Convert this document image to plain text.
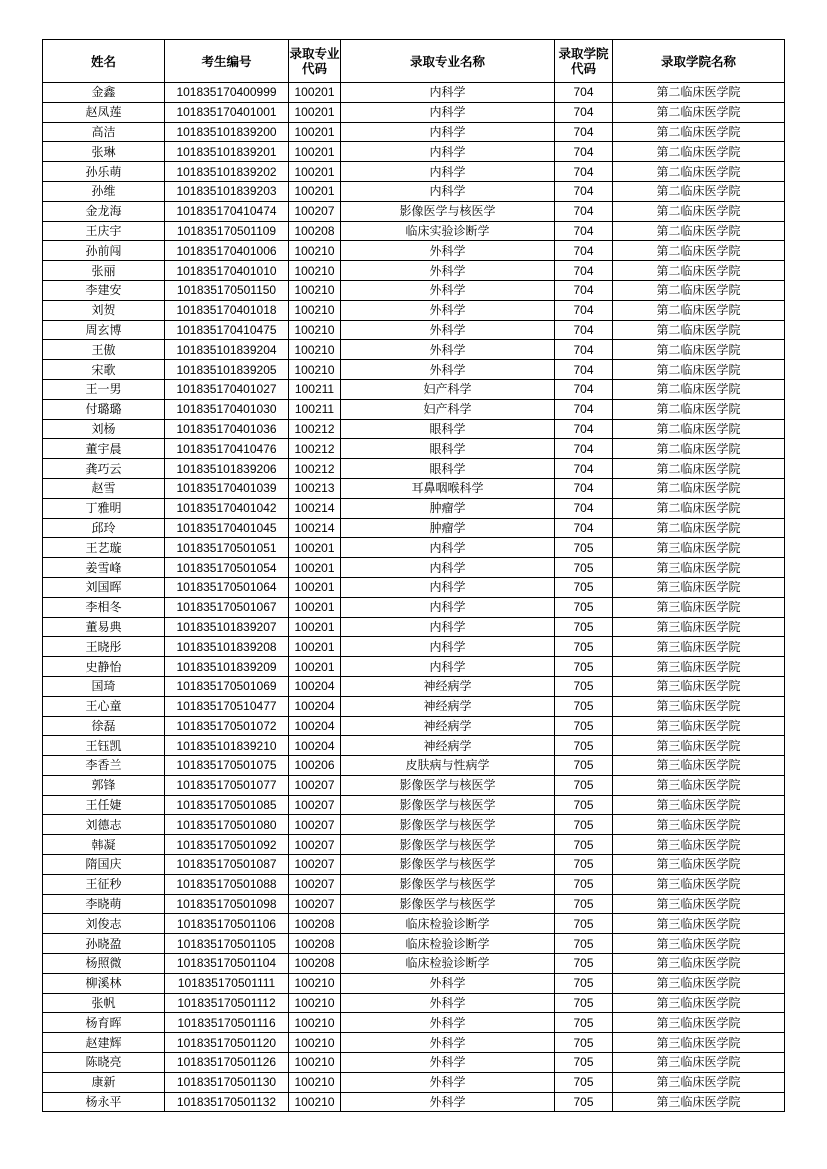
姓名	考生编号	录取专业代码	录取专业名称	录取学院代码	录取学院名称
金鑫	101835170400999	100201	内科学	704	第二临床医学院
赵凤莲	101835170401001	100201	内科学	704	第二临床医学院
高洁	101835101839200	100201	内科学	704	第二临床医学院
张琳	101835101839201	100201	内科学	704	第二临床医学院
孙乐萌	101835101839202	100201	内科学	704	第二临床医学院
孙维	101835101839203	100201	内科学	704	第二临床医学院
金龙海	101835170410474	100207	影像医学与核医学	704	第二临床医学院
王庆宇	101835170501109	100208	临床实验诊断学	704	第二临床医学院
孙前闯	101835170401006	100210	外科学	704	第二临床医学院
张丽	101835170401010	100210	外科学	704	第二临床医学院
李建安	101835170501150	100210	外科学	704	第二临床医学院
刘贺	101835170401018	100210	外科学	704	第二临床医学院
周玄博	101835170410475	100210	外科学	704	第二临床医学院
王傲	101835101839204	100210	外科学	704	第二临床医学院
宋歌	101835101839205	100210	外科学	704	第二临床医学院
王一男	101835170401027	100211	妇产科学	704	第二临床医学院
付璐璐	101835170401030	100211	妇产科学	704	第二临床医学院
刘杨	101835170401036	100212	眼科学	704	第二临床医学院
董宇晨	101835170410476	100212	眼科学	704	第二临床医学院
龚巧云	101835101839206	100212	眼科学	704	第二临床医学院
赵雪	101835170401039	100213	耳鼻咽喉科学	704	第二临床医学院
丁雅明	101835170401042	100214	肿瘤学	704	第二临床医学院
邱玲	101835170401045	100214	肿瘤学	704	第二临床医学院
王艺璇	101835170501051	100201	内科学	705	第三临床医学院
姜雪峰	101835170501054	100201	内科学	705	第三临床医学院
刘国晖	101835170501064	100201	内科学	705	第三临床医学院
李相冬	101835170501067	100201	内科学	705	第三临床医学院
董易典	101835101839207	100201	内科学	705	第三临床医学院
王晓彤	101835101839208	100201	内科学	705	第三临床医学院
史静怡	101835101839209	100201	内科学	705	第三临床医学院
国琦	101835170501069	100204	神经病学	705	第三临床医学院
王心童	101835170510477	100204	神经病学	705	第三临床医学院
徐磊	101835170501072	100204	神经病学	705	第三临床医学院
王钰凯	101835101839210	100204	神经病学	705	第三临床医学院
李香兰	101835170501075	100206	皮肤病与性病学	705	第三临床医学院
郭锋	101835170501077	100207	影像医学与核医学	705	第三临床医学院
王任婕	101835170501085	100207	影像医学与核医学	705	第三临床医学院
刘德志	101835170501080	100207	影像医学与核医学	705	第三临床医学院
韩凝	101835170501092	100207	影像医学与核医学	705	第三临床医学院
隋国庆	101835170501087	100207	影像医学与核医学	705	第三临床医学院
王征秒	101835170501088	100207	影像医学与核医学	705	第三临床医学院
李晓萌	101835170501098	100207	影像医学与核医学	705	第三临床医学院
刘俊志	101835170501106	100208	临床检验诊断学	705	第三临床医学院
孙晓盈	101835170501105	100208	临床检验诊断学	705	第三临床医学院
杨照微	101835170501104	100208	临床检验诊断学	705	第三临床医学院
柳溪林	101835170501111	100210	外科学	705	第三临床医学院
张帆	101835170501112	100210	外科学	705	第三临床医学院
杨育晖	101835170501116	100210	外科学	705	第三临床医学院
赵建辉	101835170501120	100210	外科学	705	第三临床医学院
陈晓亮	101835170501126	100210	外科学	705	第三临床医学院
康新	101835170501130	100210	外科学	705	第三临床医学院
杨永平	101835170501132	100210	外科学	705	第三临床医学院
